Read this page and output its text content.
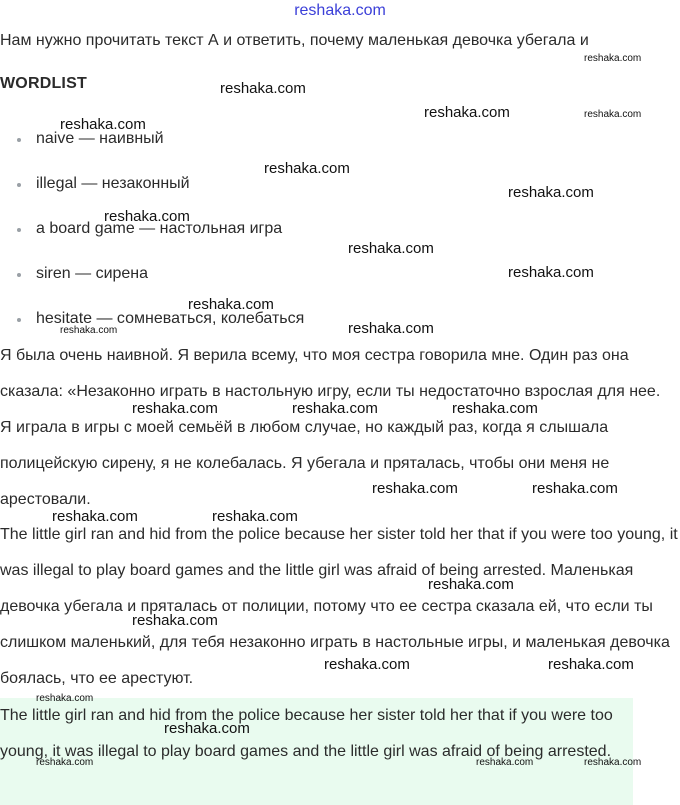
reshaka.com
Нам нужно прочитать текст А и ответить, почему маленькая девочка убегала и
WORDLIST
naive — наивный
illegal — незаконный
a board game — настольная игра
siren — сирена
hesitate — сомневаться, колебаться

Я была очень наивной. Я верила всему, что моя сестра говорила мне. Один раз она сказала: «Незаконно играть в настольную игру, если ты недостаточно взрослая для нее. Я играла в игры с моей семьёй в любом случае, но каждый раз, когда я слышала полицейскую сирену, я не колебалась. Я убегала и пряталась, чтобы они меня не арестовали.

The little girl ran and hid from the police because her sister told her that if you were too young, it was illegal to play board games and the little girl was afraid of being arrested. Маленькая девочка убегала и пряталась от полиции, потому что ее сестра сказала ей, что если ты слишком маленький, для тебя незаконно играть в настольные игры, и маленькая девочка боялась, что ее арестуют.

The little girl ran and hid from the police because her sister told her that if you were too young, it was illegal to play board games and the little girl was afraid of being arrested.

reshaka.com
reshaka.com
reshaka.com	reshaka.com
reshaka.com
reshaka.com
reshaka.com
reshaka.com
reshaka.com
reshaka.com
reshaka.com
reshaka.com
reshaka.com
reshaka.com	reshaka.com	reshaka.com
reshaka.com	reshaka.com
reshaka.com	reshaka.com
reshaka.com
reshaka.com
reshaka.com	reshaka.com
reshaka.com
reshaka.com
reshaka.com	reshaka.com	reshaka.com
